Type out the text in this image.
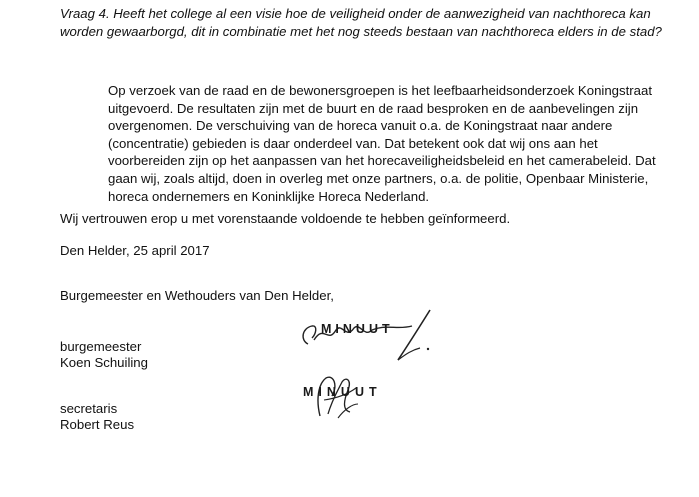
Vraag 4. Heeft het college al een visie hoe de veiligheid onder de aanwezigheid van nachthoreca kan worden gewaarborgd, dit in combinatie met het nog steeds bestaan van nachthoreca elders in de stad?
Op verzoek van de raad en de bewonersgroepen is het leefbaarheidsonderzoek Koningstraat uitgevoerd. De resultaten zijn met de buurt en de raad besproken en de aanbevelingen zijn overgenomen. De verschuiving van de horeca vanuit o.a. de Koningstraat naar andere (concentratie) gebieden is daar onderdeel van. Dat betekent ook dat wij ons aan het voorbereiden zijn op het aanpassen van het horecaveiligheidsbeleid en het camerabeleid. Dat gaan wij, zoals altijd, doen in overleg met onze partners, o.a. de politie, Openbaar Ministerie, horeca ondernemers en Koninklijke Horeca Nederland.
Wij vertrouwen erop u met vorenstaande voldoende te hebben geïnformeerd.
Den Helder, 25 april 2017
Burgemeester en Wethouders van Den Helder,
burgemeester
Koen Schuiling
secretaris
Robert Reus
MINUUT
MINUUT
